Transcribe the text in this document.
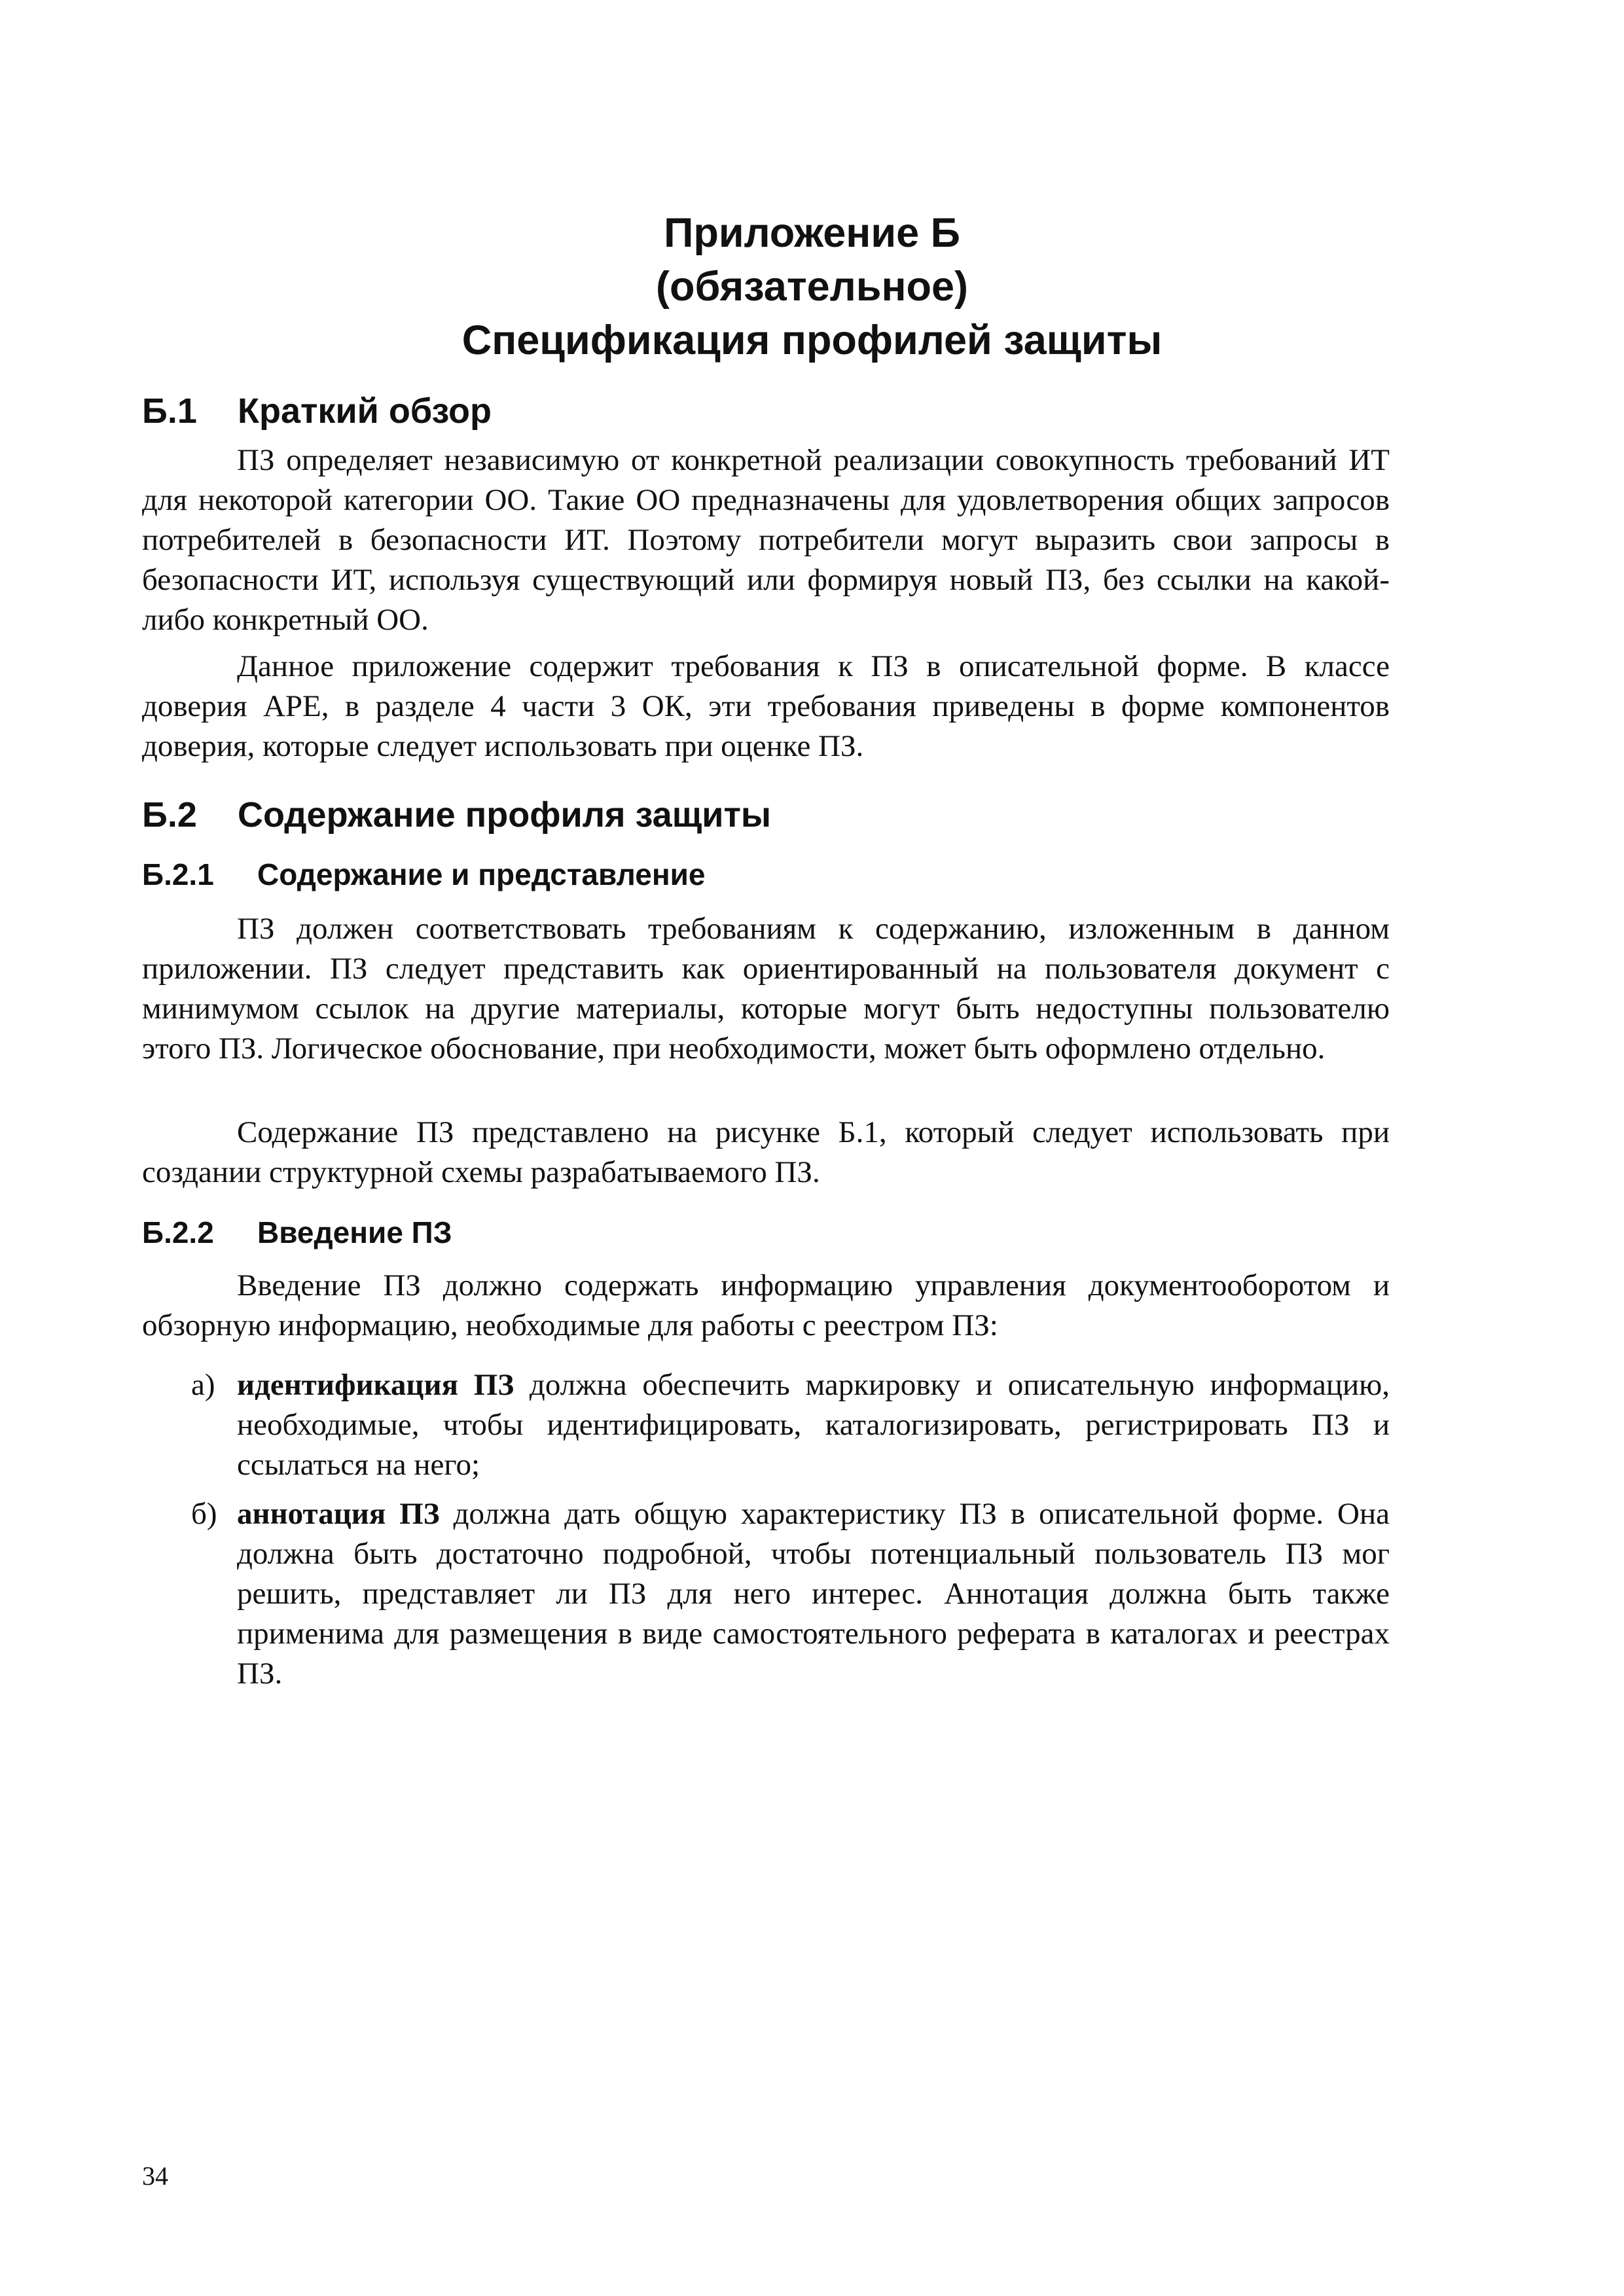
Приложение Б
(обязательное)
Спецификация профилей защиты
Б.1 Краткий обзор

ПЗ определяет независимую от конкретной реализации совокупность требований ИТ для некоторой категории ОО. Такие ОО предназначены для удовлетворения общих запросов потребителей в безопасности ИТ. Поэтому потребители могут выразить свои запросы в безопасности ИТ, используя существующий или формируя новый ПЗ, без ссылки на какой-либо конкретный ОО.

Данное приложение содержит требования к ПЗ в описательной форме. В классе доверия APE, в разделе 4 части 3 ОК, эти требования приведены в форме компонентов доверия, которые следует использовать при оценке ПЗ.

Б.2 Содержание профиля защиты
Б.2.1 Содержание и представление

ПЗ должен соответствовать требованиям к содержанию, изложенным в данном приложении. ПЗ следует представить как ориентированный на пользователя документ с минимумом ссылок на другие материалы, которые могут быть недоступны пользователю этого ПЗ. Логическое обоснование, при необходимости, может быть оформлено отдельно.

Содержание ПЗ представлено на рисунке Б.1, который следует использовать при создании структурной схемы разрабатываемого ПЗ.

Б.2.2 Введение ПЗ

Введение ПЗ должно содержать информацию управления документооборотом и обзорную информацию, необходимые для работы с реестром ПЗ:

а) идентификация ПЗ должна обеспечить маркировку и описательную информацию, необходимые, чтобы идентифицировать, каталогизировать, регистрировать ПЗ и ссылаться на него;
б) аннотация ПЗ должна дать общую характеристику ПЗ в описательной форме. Она должна быть достаточно подробной, чтобы потенциальный пользователь ПЗ мог решить, представляет ли ПЗ для него интерес. Аннотация должна быть также применима для размещения в виде самостоятельного реферата в каталогах и реестрах ПЗ.
34
